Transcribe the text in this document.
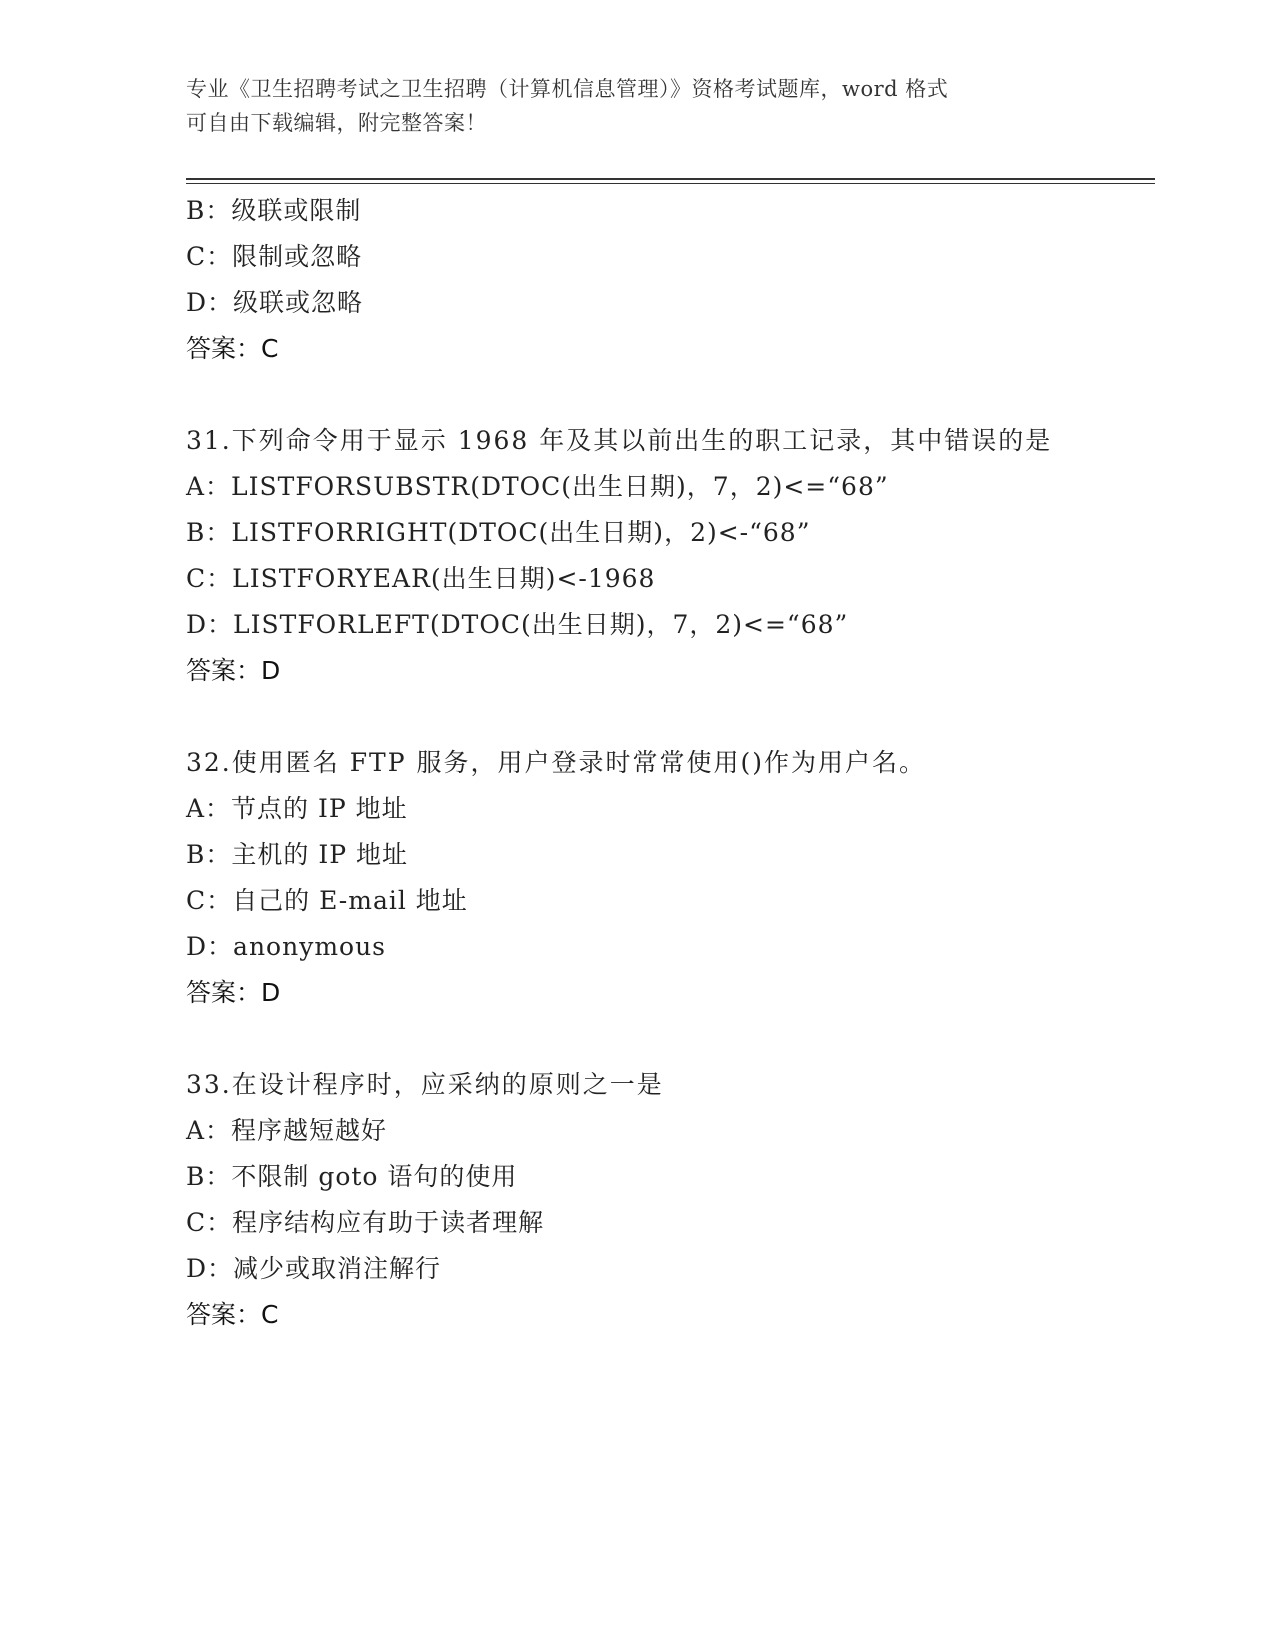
专业《卫生招聘考试之卫生招聘（计算机信息管理）》资格考试题库，word 格式
可自由下载编辑，附完整答案！
B：级联或限制
C：限制或忽略
D：级联或忽略
答案：C
31.下列命令用于显示 1968 年及其以前出生的职工记录，其中错误的是
A：LISTFORSUBSTR(DTOC(出生日期)，7，2)<=“68”
B：LISTFORRIGHT(DTOC(出生日期)，2)<-“68”
C：LISTFORYEAR(出生日期)<-1968
D：LISTFORLEFT(DTOC(出生日期)，7，2)<=“68”
答案：D
32.使用匿名 FTP 服务，用户登录时常常使用()作为用户名。
A：节点的 IP 地址
B：主机的 IP 地址
C：自己的 E-mail 地址
D：anonymous
答案：D
33.在设计程序时，应采纳的原则之一是
A：程序越短越好
B：不限制 goto 语句的使用
C：程序结构应有助于读者理解
D：减少或取消注解行
答案：C
